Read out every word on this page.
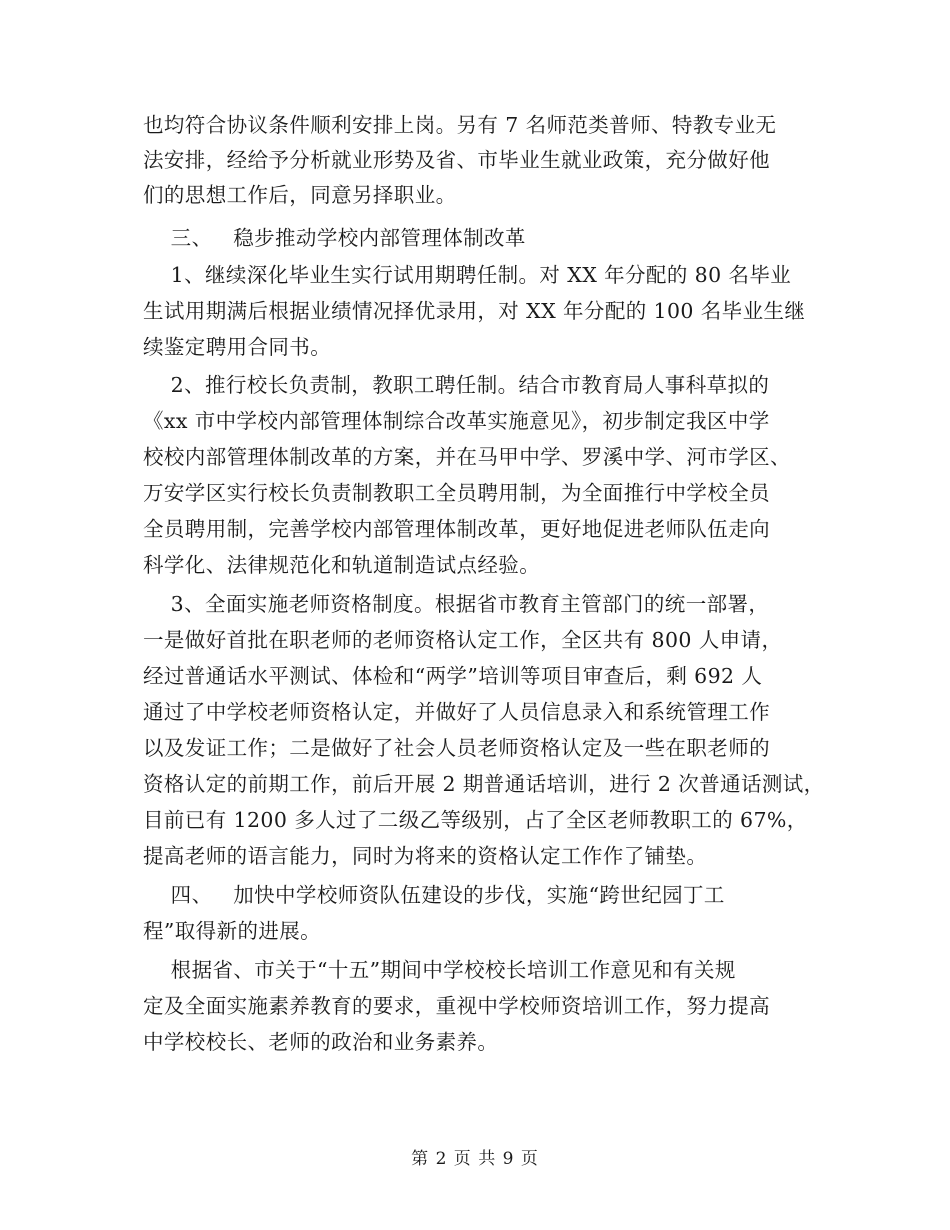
也均符合协议条件顺利安排上岗。另有 7 名师范类普师、特教专业无
法安排，经给予分析就业形势及省、市毕业生就业政策，充分做好他
们的思想工作后，同意另择职业。
三、   稳步推动学校内部管理体制改革
1、继续深化毕业生实行试用期聘任制。对 XX 年分配的 80 名毕业
生试用期满后根据业绩情况择优录用，对 XX 年分配的 100 名毕业生继
续鉴定聘用合同书。
2、推行校长负责制，教职工聘任制。结合市教育局人事科草拟的
《xx 市中学校内部管理体制综合改革实施意见》，初步制定我区中学
校校内部管理体制改革的方案，并在马甲中学、罗溪中学、河市学区、
万安学区实行校长负责制教职工全员聘用制，为全面推行中学校全员
全员聘用制，完善学校内部管理体制改革，更好地促进老师队伍走向
科学化、法律规范化和轨道制造试点经验。
3、全面实施老师资格制度。根据省市教育主管部门的统一部署，
一是做好首批在职老师的老师资格认定工作，全区共有 800 人申请，
经过普通话水平测试、体检和“两学”培训等项目审查后，剩 692 人
通过了中学校老师资格认定，并做好了人员信息录入和系统管理工作
以及发证工作；二是做好了社会人员老师资格认定及一些在职老师的
资格认定的前期工作，前后开展 2 期普通话培训，进行 2 次普通话测试，
目前已有 1200 多人过了二级乙等级别，占了全区老师教职工的 67%，
提高老师的语言能力，同时为将来的资格认定工作作了铺垫。
四、   加快中学校师资队伍建设的步伐，实施“跨世纪园丁工
程”取得新的进展。
根据省、市关于“十五”期间中学校校长培训工作意见和有关规
定及全面实施素养教育的要求，重视中学校师资培训工作，努力提高
中学校校长、老师的政治和业务素养。
第 2 页 共 9 页
